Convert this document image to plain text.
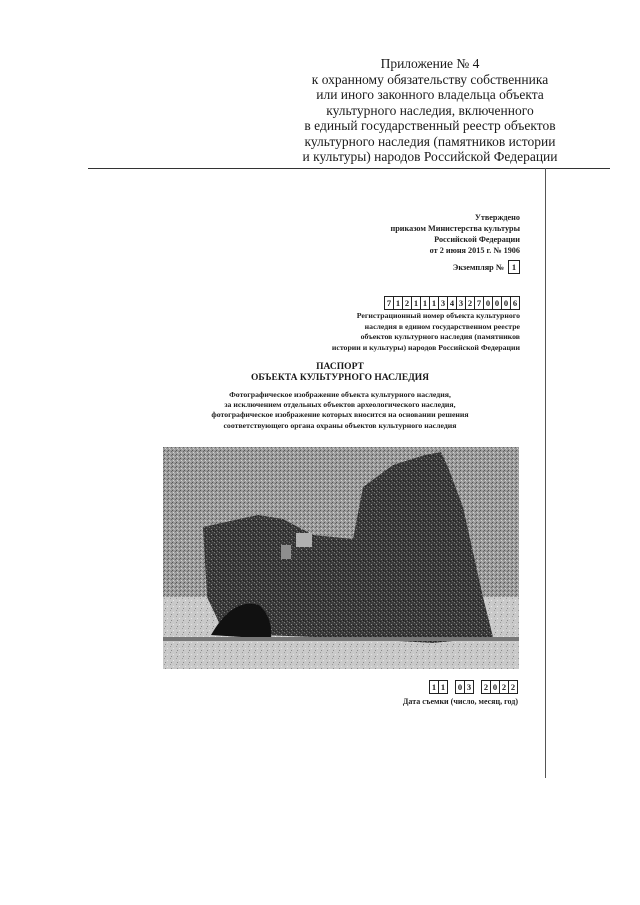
Приложение № 4
к охранному обязательству собственника
или иного законного владельца объекта
культурного наследия, включенного
в единый государственный реестр объектов
культурного наследия (памятников истории
и культуры) народов Российской Федерации
Утверждено
приказом Министерства культуры
Российской Федерации
от 2 июня 2015 г. № 1906
Экземпляр № 1
7 1 2 1 1 1 3 4 3 2 7 0 0 0 6
Регистрационный номер объекта культурного
наследия в едином государственном реестре
объектов культурного наследия (памятников
истории и культуры) народов Российской Федерации
ПАСПОРТ
ОБЪЕКТА КУЛЬТУРНОГО НАСЛЕДИЯ
Фотографическое изображение объекта культурного наследия,
за исключением отдельных объектов археологического наследия,
фотографическое изображение которых вносится на основании решения
соответствующего органа охраны объектов культурного наследия
1 1	0 3	2 0 2 2
Дата съемки (число, месяц, год)
